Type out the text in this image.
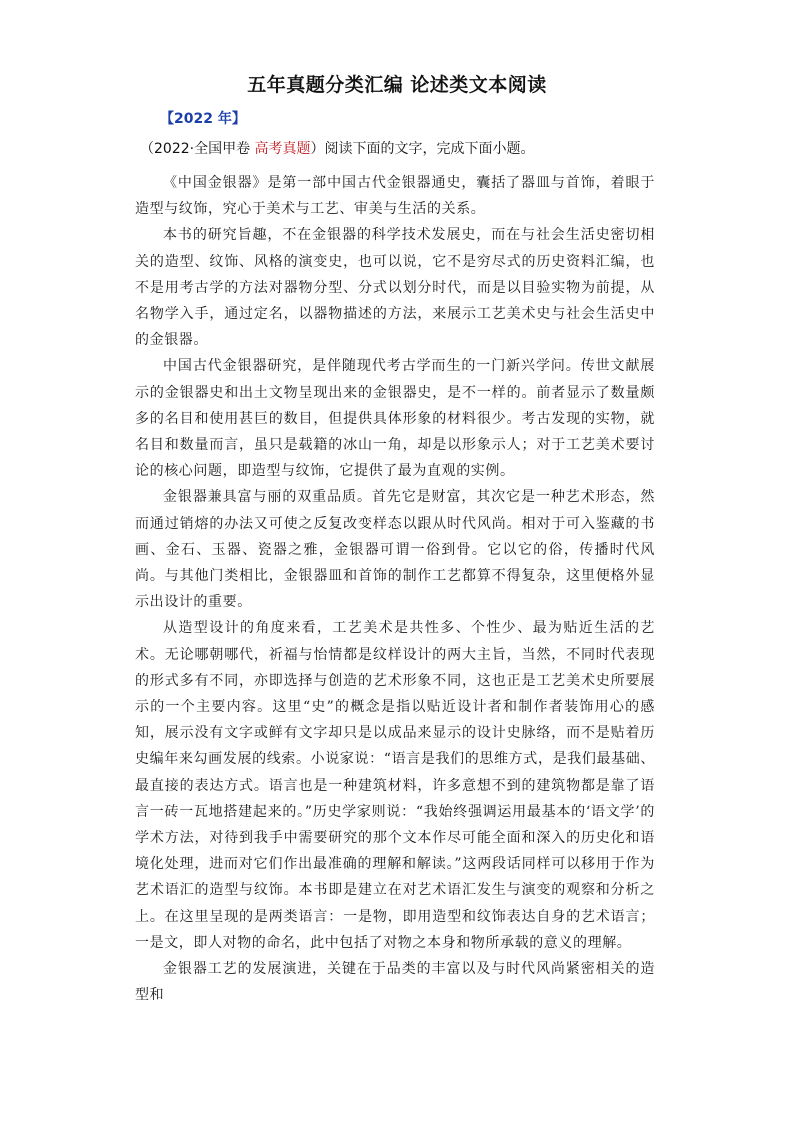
五年真题分类汇编 论述类文本阅读
【2022 年】
（2022·全国甲卷 高考真题）阅读下面的文字，完成下面小题。

《中国金银器》是第一部中国古代金银器通史，囊括了器皿与首饰，着眼于造型与纹饰，究心于美术与工艺、审美与生活的关系。

本书的研究旨趣，不在金银器的科学技术发展史，而在与社会生活史密切相关的造型、纹饰、风格的演变史，也可以说，它不是穷尽式的历史资料汇编，也不是用考古学的方法对器物分型、分式以划分时代，而是以目验实物为前提，从名物学入手，通过定名，以器物描述的方法，来展示工艺美术史与社会生活史中的金银器。

中国古代金银器研究，是伴随现代考古学而生的一门新兴学问。传世文献展示的金银器史和出土文物呈现出来的金银器史，是不一样的。前者显示了数量颇多的名目和使用甚巨的数目，但提供具体形象的材料很少。考古发现的实物，就名目和数量而言，虽只是载籍的冰山一角，却是以形象示人；对于工艺美术要讨论的核心问题，即造型与纹饰，它提供了最为直观的实例。

金银器兼具富与丽的双重品质。首先它是财富，其次它是一种艺术形态，然而通过销熔的办法又可使之反复改变样态以跟从时代风尚。相对于可入鉴藏的书画、金石、玉器、瓷器之雅，金银器可谓一俗到骨。它以它的俗，传播时代风尚。与其他门类相比，金银器皿和首饰的制作工艺都算不得复杂，这里便格外显示出设计的重要。

从造型设计的角度来看，工艺美术是共性多、个性少、最为贴近生活的艺术。无论哪朝哪代，祈福与怡情都是纹样设计的两大主旨，当然，不同时代表现的形式多有不同，亦即选择与创造的艺术形象不同，这也正是工艺美术史所要展示的一个主要内容。这里“史”的概念是指以贴近设计者和制作者装饰用心的感知，展示没有文字或鲜有文字却只是以成品来显示的设计史脉络，而不是贴着历史编年来勾画发展的线索。小说家说：“语言是我们的思维方式，是我们最基础、最直接的表达方式。语言也是一种建筑材料，许多意想不到的建筑物都是靠了语言一砖一瓦地搭建起来的。”历史学家则说：“我始终强调运用最基本的‘语文学’的学术方法，对待到我手中需要研究的那个文本作尽可能全面和深入的历史化和语境化处理，进而对它们作出最准确的理解和解读。”这两段话同样可以移用于作为艺术语汇的造型与纹饰。本书即是建立在对艺术语汇发生与演变的观察和分析之上。在这里呈现的是两类语言：一是物，即用造型和纹饰表达自身的艺术语言；一是文，即人对物的命名，此中包括了对物之本身和物所承载的意义的理解。

金银器工艺的发展演进，关键在于品类的丰富以及与时代风尚紧密相关的造型和
